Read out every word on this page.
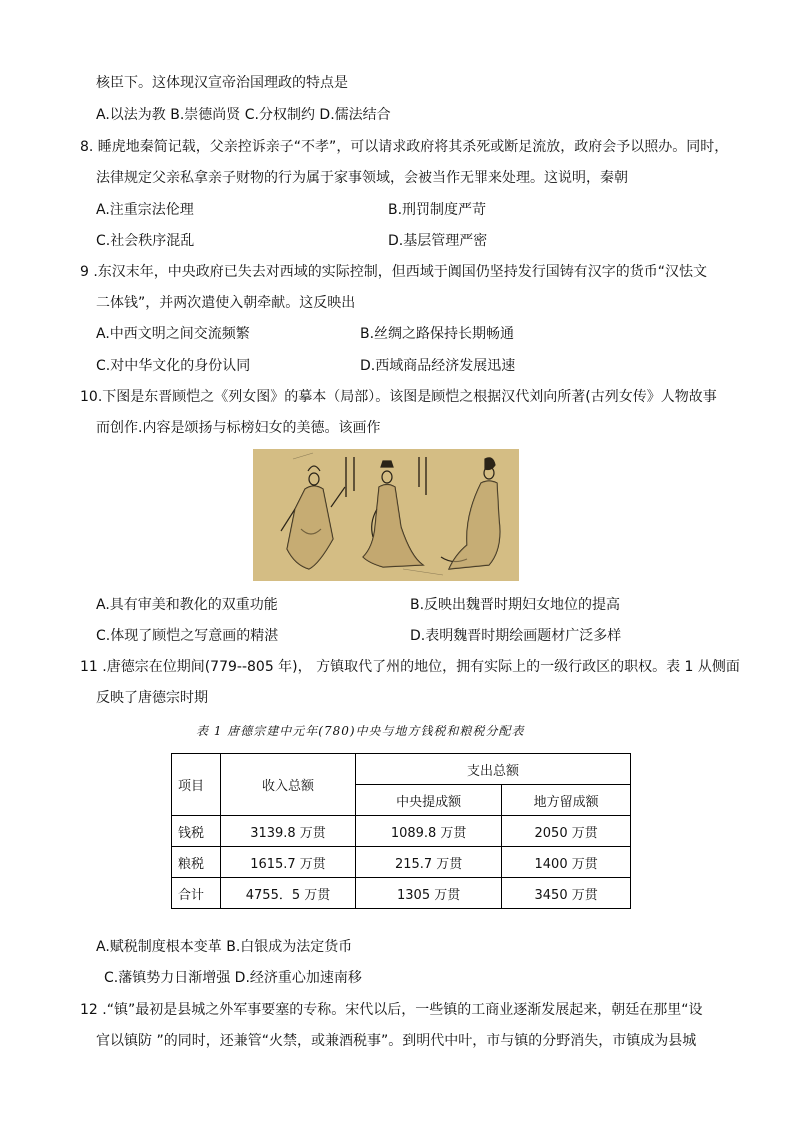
核臣下。这体现汉宣帝治国理政的特点是
A.以法为教 B.崇德尚贤 C.分权制约 D.儒法结合
8. 睡虎地秦简记载，父亲控诉亲子“不孝”，可以请求政府将其杀死或断足流放，政府会予以照办。同时，
法律规定父亲私拿亲子财物的行为属于家事领域，会被当作无罪来处理。这说明，秦朝
A.注重宗法伦理	B.刑罚制度严苛
C.社会秩序混乱	D.基层管理严密
9 .东汉末年，中央政府已失去对西域的实际控制，但西域于阗国仍坚持发行国铸有汉字的货币“汉怯文
二体钱”，并两次遣使入朝牵献。这反映出
A.中西文明之间交流频繁	B.丝绸之路保持长期畅通
C.对中华文化的身份认同	D.西域商品经济发展迅速
10.下图是东晋顾恺之《列女图》的摹本（局部）。该图是顾恺之根据汉代刘向所著(古列女传》人物故事
而创作.内容是颂扬与标榜妇女的美德。该画作
A.具有审美和教化的双重功能	B.反映出魏晋时期妇女地位的提高
C.体现了顾恺之写意画的精湛	D.表明魏晋时期绘画题材广泛多样
11 .唐德宗在位期间(779--805 年)， 方镇取代了州的地位，拥有实际上的一级行政区的职权。表 1 从侧面
反映了唐德宗时期
表 1 唐德宗建中元年(780)中央与地方钱税和粮税分配表
项目	收入总额	支出总额	
		中央提成额	地方留成额
钱税	3139.8 万贯	1089.8 万贯	2050 万贯
粮税	1615.7 万贯	215.7 万贯	1400 万贯
合计	4755．5 万贯	1305 万贯	3450 万贯
A.赋税制度根本变革 B.白银成为法定货币
C.藩镇势力日渐增强 D.经济重心加速南移
12 .“镇”最初是县城之外军事要塞的专称。宋代以后，一些镇的工商业逐渐发展起来，朝廷在那里“设
官以镇防 ”的同时，还兼管“火禁，或兼酒税事”。到明代中叶，市与镇的分野消失，市镇成为县城
